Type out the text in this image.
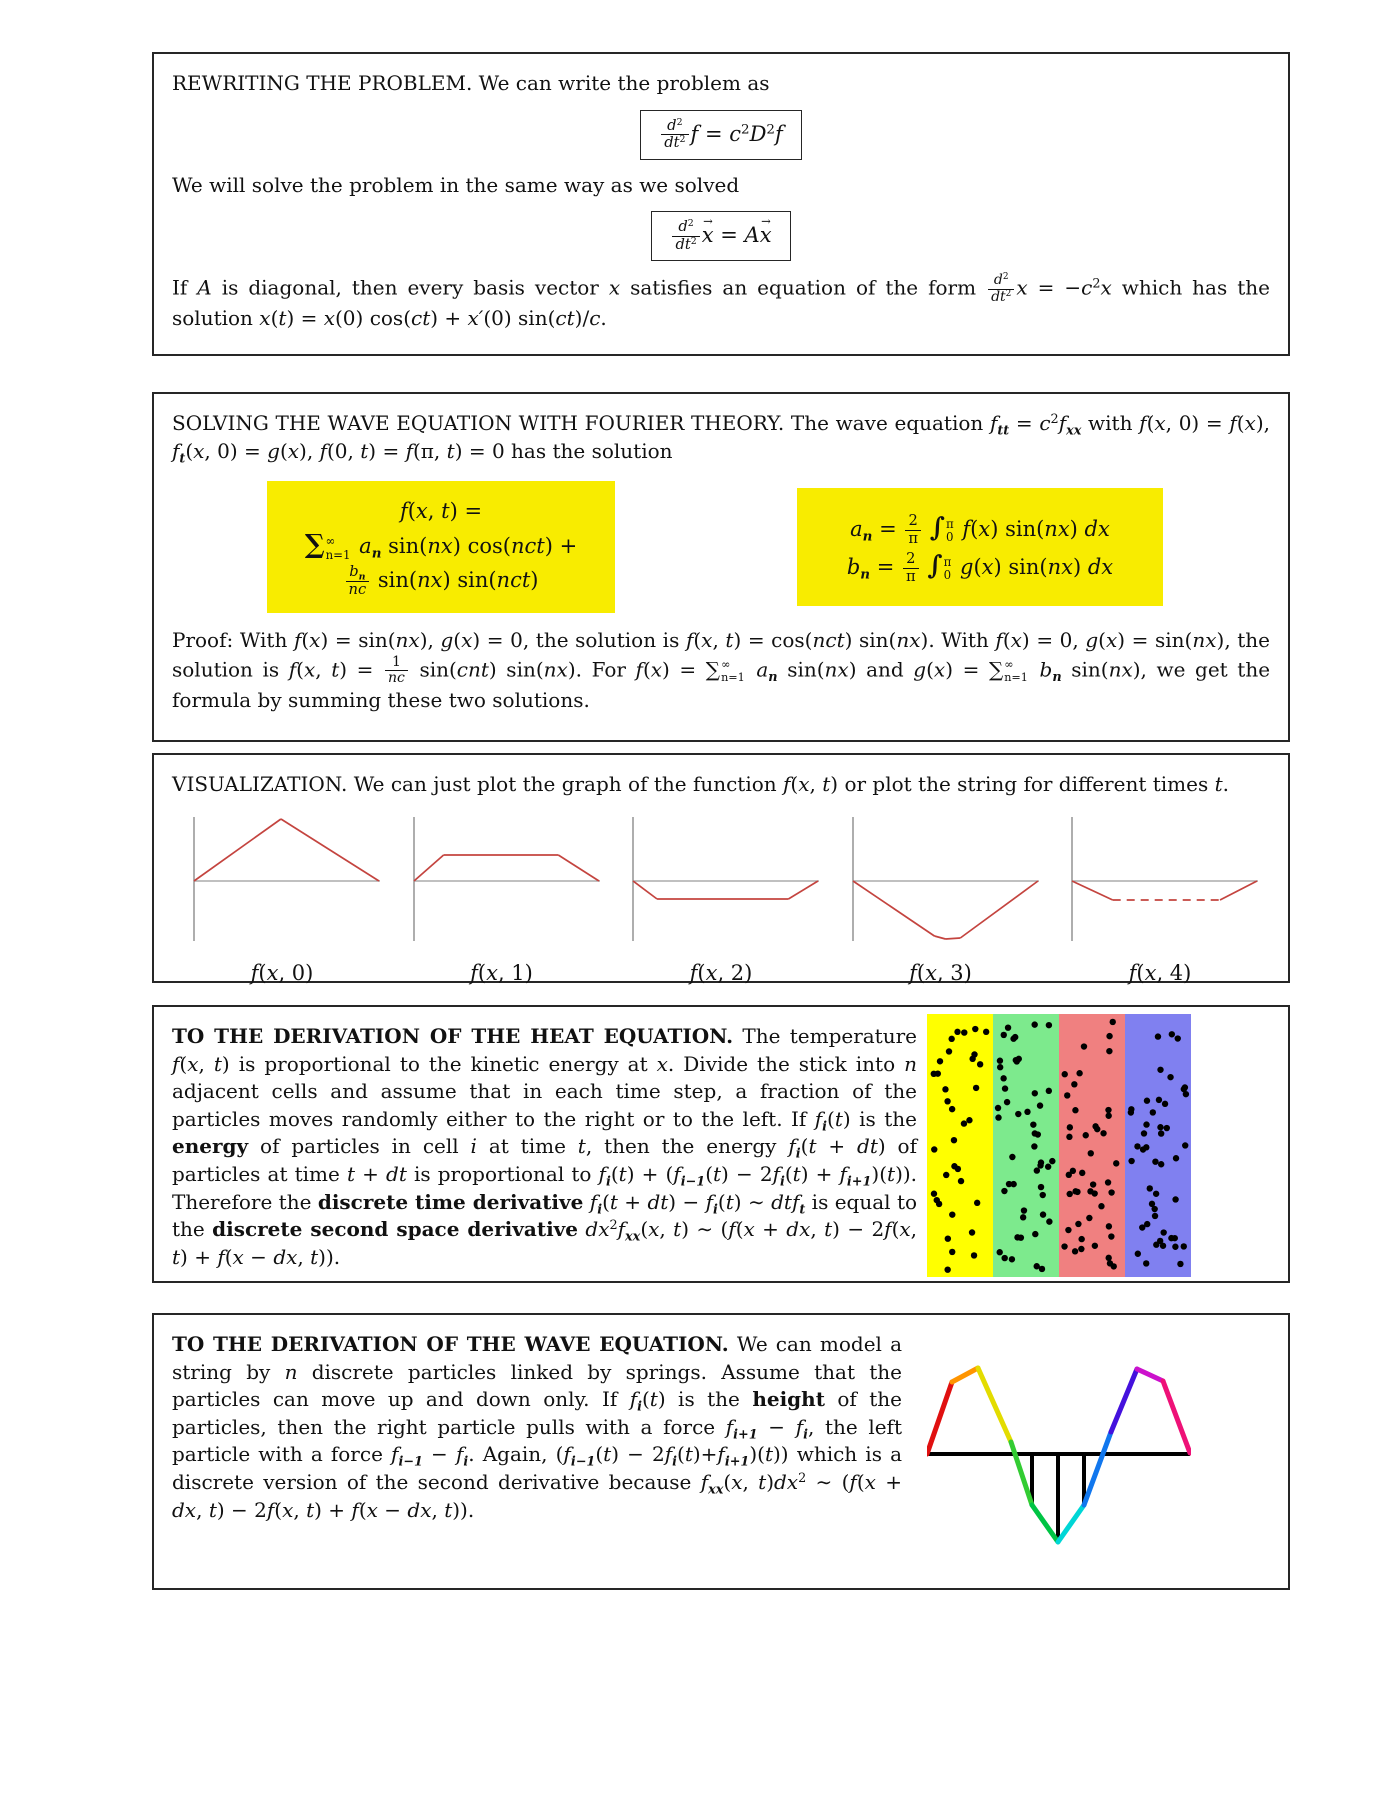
REWRITING THE PROBLEM. We can write the problem as

$\frac{d^2}{dt^2}$ $f = c^2D^2f$

We will solve the problem in the same way as we solved

$\frac{d^2}{dt^2}$ x → = Ax →

If A is diagonal, then every basis vector x satisfies an equation of the form $\frac{d^2}{dt^2}$ $x = -c^2x$ which has the solution x(t) = x(0) cos(ct) + x′(0) sin(ct)/c.

SOLVING THE WAVE EQUATION WITH FOURIER THEORY. The wave equation $f_{tt} = c^2f_{xx}$ with f(x, 0) = f(x), $f_t(x$, 0) = g(x), f(0, t) = f(π, t) = 0 has the solution

f(x, t) =
∑ ∞
n=1 $a_n$ sin(nx) cos(nct) +
$\frac{b_n}{nc} \sin(nx)$ sin(nct)
$a_n = \frac{2}{\pi}$ ∫ π
0 f(x) sin(nx) dx
$b_n = \frac{2}{\pi}$ ∫ π
0 g(x) sin(nx) dx

Proof: With f(x) = sin(nx), g(x) = 0, the solution is f(x, t) = cos(nct) sin(nx). With f(x) = 0, g(x) = sin(nx), the solution is f(x, $t) = \frac{1}{nc} \sin(cnt)$ sin(nx). For f(x) = ∑ ∞
n=1 $a_n$ sin(nx) and g(x) = ∑ ∞
n=1 $b_n$ sin(nx), we get the formula by summing these two solutions.

VISUALIZATION. We can just plot the graph of the function f(x, t) or plot the string for different times t.

f(x, 0)	f(x, 1)	f(x, 2)	f(x, 3)	f(x, 4)

TO THE DERIVATION OF THE HEAT EQUATION. The temperature f(x, t) is proportional to the kinetic energy at x. Divide the stick into n adjacent cells and assume that in each time step, a fraction of the particles moves randomly either to the right or to the left. If $f_i(t)$ is the energy of particles in cell i at time t, then the energy $f_i(t + dt)$ of particles at time t + dt is proportional to $f_i(t) + (f_{i-1}(t) - 2f_i(t) + f_{i+1})(t)$). Therefore the discrete time derivative $f_i(t + dt) - f_i(t)$ ∼ dtf$_t$ is equal to the discrete second space derivative $dx^2f_{xx}(x$, t) ∼ (f(x + dx, t) − 2f(x, t) + f(x − dx, t)).

TO THE DERIVATION OF THE WAVE EQUATION. We can model a string by n discrete particles linked by springs. Assume that the particles can move up and down only. If $f_i(t)$ is the height of the particles, then the right particle pulls with a force $f_{i+1} - f_i$, the left particle with a force $f_{i-1} - f_i$. Again, $(f_{i-1}(t) - 2f_i(t)+f_{i+1})(t)$) which is a discrete version of the second derivative because $f_{xx}(x$, $t)dx^2$ ∼ (f(x + dx, t) − 2f(x, t) + f(x − dx, t)).
